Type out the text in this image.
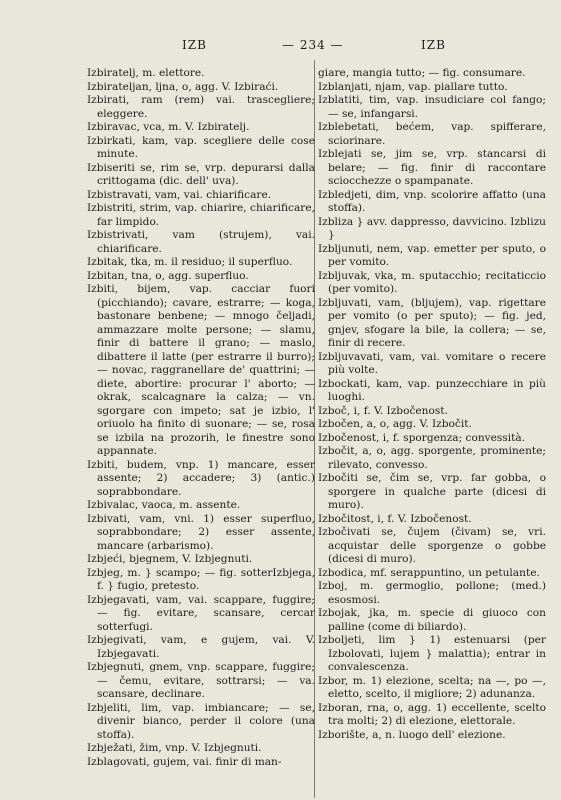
IZB	— 234 —	IZB
Izbiratelj, m. elettore.
Izbirateljan, ljna, o, agg. V. Izbiraći.
Izbirati, ram (rem) vai. trascegliere; eleggere.
Izbiravac, vca, m. V. Izbiratelj.
Izbirkati, kam, vap. scegliere delle cose minute.
Izbiseriti se, rim se, vrp. depurarsi dalla crittogama (dic. dell' uva).
Izbistravati, vam, vai. chiarificare.
Izbistriti, strim, vap. chiarire, chiarificare, far limpido.
Izbistrivati, vam (strujem), vai. chiarificare.
Izbitak, tka, m. il residuo; il superfluo.
Izbitan, tna, o, agg. superfluo.
Izbiti, bijem, vap. cacciar fuori (picchiando); cavare, estrarre; — koga, bastonare benbene; — mnogo čeljadi, ammazzare molte persone; — slamu, finir di battere il grano; — maslo, dibattere il latte (per estrarre il burro); — novac, raggranellare de' quattrini; — diete, abortire: procurar l' aborto; — okrak, scalcagnare la calza; — vn. sgorgare con impeto; sat je izbio, l' oriuolo ha finito di suonare; — se, rosa se izbila na prozorih, le finestre sono appannate.
Izbiti, budem, vnp. 1) mancare, esser assente; 2) accadere; 3) (antic.) soprabbondare.
Izbivalac, vaoca, m. assente.
Izbivati, vam, vni. 1) esser superfluo, soprabbondare; 2) esser assente, mancare (arbarismo).
Izbjeći, bjegnem, V. Izbjegnuti.
Izbjeg, m. } scampo; — fig. sotterIzbjega, f. } fugio, pretesto.
Izbjegavati, vam, vai. scappare, fuggire; — fig. evitare, scansare, cercar sotterfugi.
Izbjegivati, vam, e gujem, vai. V. Izbjegavati.
Izbjegnuti, gnem, vnp. scappare, fuggire; — čemu, evitare, sottrarsi; — va. scansare, declinare.
Izbjeliti, lim, vap. imbiancare; — se, divenir bianco, perder il colore (una stoffa).
Izbježati, žim, vnp. V. Izbjegnuti.
Izblagovati, gujem, vai. finir di man-
giare, mangia tutto; — fig. consumare.
Izblanjati, njam, vap. piallare tutto.
Izblatiti, tim, vap. insudiciare col fango; — se, infangarsi.
Izblebetati, bećem, vap. spifferare, sciorinare.
Izblejati se, jim se, vrp. stancarsi di belare; — fig. finir di raccontare sciocchezze o spampanate.
Izbledjeti, dim, vnp. scolorire affatto (una stoffa).
Izbliza } avv. dappresso, davvicino. Izblizu }
Izbljunuti, nem, vap. emetter per sputo, o per vomito.
Izbljuvak, vka, m. sputacchio; recitaticcio (per vomito).
Izbljuvati, vam, (bljujem), vap. rigettare per vomito (o per sputo); — fig. jed, gnjev, sfogare la bile, la collera; — se, finir di recere.
Izbljuvavati, vam, vai. vomitare o recere più volte.
Izbockati, kam, vap. punzecchiare in più luoghi.
Izboč, i, f. V. Izbočenost.
Izbočen, a, o, agg. V. Izbočit.
Izbočenost, i, f. sporgenza; convessità.
Izbočit, a, o, agg. sporgente, prominente; rilevato, convesso.
Izbočiti se, čim se, vrp. far gobba, o sporgere in qualche parte (dicesi di muro).
Izbočitost, i, f. V. Izbočenost.
Izbočivati se, čujem (čivam) se, vri. acquistar delle sporgenze o gobbe (dicesi di muro).
Izbodica, mf. serappuntino, un petulante.
Izboj, m. germoglio, pollone; (med.) esosmosi.
Izbojak, jka, m. specie di giuoco con palline (come di biliardo).
Izboljeti, lim } 1) estenuarsi (per Izbolovati, lujem } malattia); entrar in convalescenza.
Izbor, m. 1) elezione, scelta; na —, po —, eletto, scelto, il migliore; 2) adunanza.
Izboran, rna, o, agg. 1) eccellente, scelto tra molti; 2) di elezione, elettorale.
Izborište, a, n. luogo dell' elezione.
